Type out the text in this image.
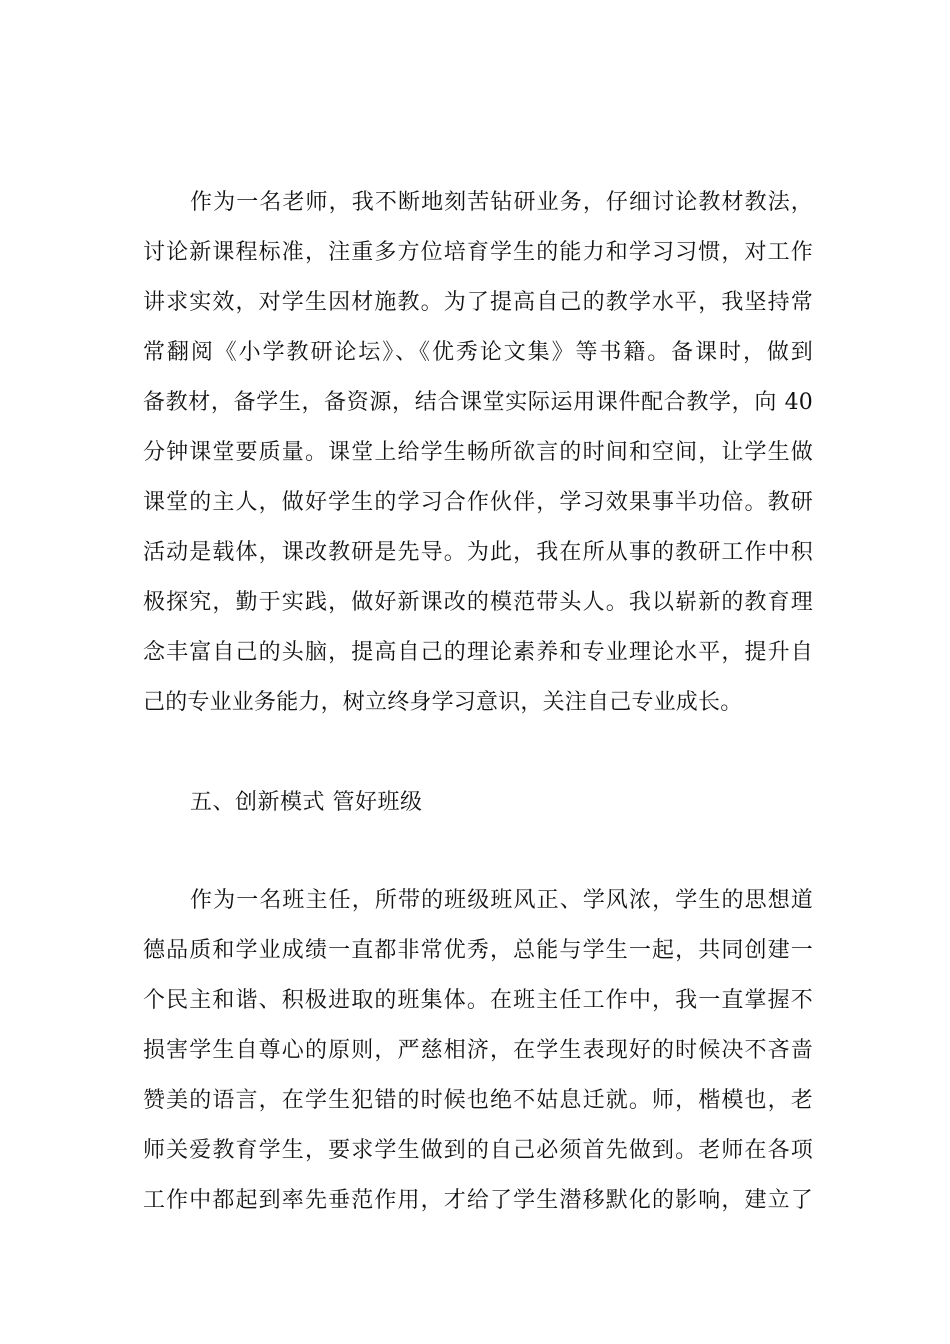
作为一名老师，我不断地刻苦钻研业务，仔细讨论教材教法，
讨论新课程标准，注重多方位培育学生的能力和学习习惯，对工作
讲求实效，对学生因材施教。为了提高自己的教学水平，我坚持常
常翻阅《小学教研论坛》、《优秀论文集》等书籍。备课时，做到
备教材，备学生，备资源，结合课堂实际运用课件配合教学，向 40
分钟课堂要质量。课堂上给学生畅所欲言的时间和空间，让学生做
课堂的主人，做好学生的学习合作伙伴，学习效果事半功倍。教研
活动是载体，课改教研是先导。为此，我在所从事的教研工作中积
极探究，勤于实践，做好新课改的模范带头人。我以崭新的教育理
念丰富自己的头脑，提高自己的理论素养和专业理论水平，提升自
己的专业业务能力，树立终身学习意识，关注自己专业成长。
五、创新模式 管好班级
作为一名班主任，所带的班级班风正、学风浓，学生的思想道
德品质和学业成绩一直都非常优秀，总能与学生一起，共同创建一
个民主和谐、积极进取的班集体。在班主任工作中，我一直掌握不
损害学生自尊心的原则，严慈相济，在学生表现好的时候决不吝啬
赞美的语言，在学生犯错的时候也绝不姑息迁就。师，楷模也，老
师关爱教育学生，要求学生做到的自己必须首先做到。老师在各项
工作中都起到率先垂范作用，才给了学生潜移默化的影响，建立了
